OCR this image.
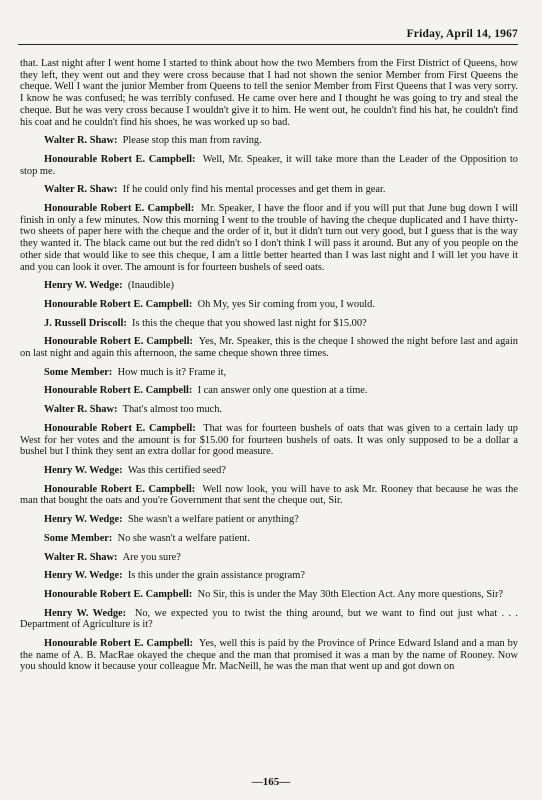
Friday, April 14, 1967

that. Last night after I went home I started to think about how the two Members from the First District of Queens, how they left, they went out and they were cross because that I had not shown the senior Member from First Queens the cheque. Well I want the junior Member from Queens to tell the senior Member from First Queens that I was very sorry. I know he was confused; he was terribly confused. He came over here and I thought he was going to try and steal the cheque. But he was very cross because I wouldn't give it to him. He went out, he couldn't find his hat, he couldn't find his coat and he couldn't find his shoes, he was worked up so bad.

Walter R. Shaw: Please stop this man from raving.

Honourable Robert E. Campbell: Well, Mr. Speaker, it will take more than the Leader of the Opposition to stop me.

Walter R. Shaw: If he could only find his mental processes and get them in gear.

Honourable Robert E. Campbell: Mr. Speaker, I have the floor and if you will put that June bug down I will finish in only a few minutes. Now this morning I went to the trouble of having the cheque duplicated and I have thirty-two sheets of paper here with the cheque and the order of it, but it didn't turn out very good, but I guess that is the way they wanted it. The black came out but the red didn't so I don't think I will pass it around. But any of you people on the other side that would like to see this cheque, I am a little better hearted than I was last night and I will let you have it and you can look it over. The amount is for fourteen bushels of seed oats.

Henry W. Wedge: (Inaudible)

Honourable Robert E. Campbell: Oh My, yes Sir coming from you, I would.

J. Russell Driscoll: Is this the cheque that you showed last night for $15.00?

Honourable Robert E. Campbell: Yes, Mr. Speaker, this is the cheque I showed the night before last and again on last night and again this afternoon, the same cheque shown three times.

Some Member: How much is it? Frame it,

Honourable Robert E. Campbell: I can answer only one question at a time.

Walter R. Shaw: That's almost too much.

Honourable Robert E. Campbell: That was for fourteen bushels of oats that was given to a certain lady up West for her votes and the amount is for $15.00 for fourteen bushels of oats. It was only supposed to be a dollar a bushel but I think they sent an extra dollar for good measure.

Henry W. Wedge: Was this certified seed?

Honourable Robert E. Campbell: Well now look, you will have to ask Mr. Rooney that because he was the man that bought the oats and you're Government that sent the cheque out, Sir.

Henry W. Wedge: She wasn't a welfare patient or anything?

Some Member: No she wasn't a welfare patient.

Walter R. Shaw: Are you sure?

Henry W. Wedge: Is this under the grain assistance program?

Honourable Robert E. Campbell: No Sir, this is under the May 30th Election Act. Any more questions, Sir?

Henry W. Wedge: No, we expected you to twist the thing around, but we want to find out just what . . . Department of Agriculture is it?

Honourable Robert E. Campbell: Yes, well this is paid by the Province of Prince Edward Island and a man by the name of A. B. MacRae okayed the cheque and the man that promised it was a man by the name of Rooney. Now you should know it because your colleague Mr. MacNeill, he was the man that went up and got down on

—165—
